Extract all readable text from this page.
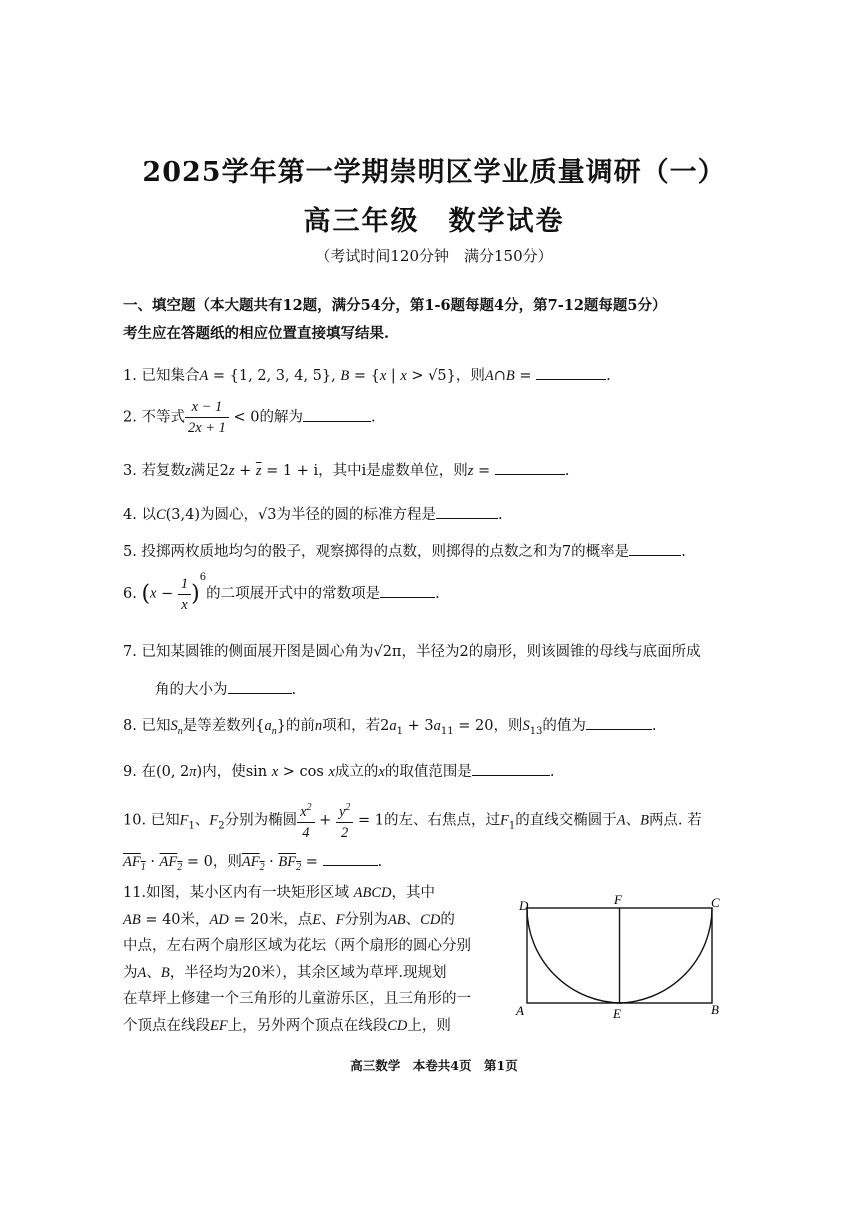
2025学年第一学期崇明区学业质量调研（一）
高三年级　数学试卷
（考试时间120分钟　满分150分）
一、填空题（本大题共有12题，满分54分，第1-6题每题4分，第7-12题每题5分）
考生应在答题纸的相应位置直接填写结果.
1. 已知集合A = {1, 2, 3, 4, 5}, B = {x | x > √5}，则A∩B =	.
2. 不等式 $\frac{x - 1}{2x + 1} < 0$的解为	.
3. 若复数z满足$2z + \overline{z} = 1 + i$，其中i是虚数单位，则z =	.
4. 以C(3,4)为圆心，√3为半径的圆的标准方程是	.
5. 投掷两枚质地均匀的骰子，观察掷得的点数，则掷得的点数之和为7的概率是	.
6. $(x - \frac{1}{x} )^6$的二项展开式中的常数项是	.
7. 已知某圆锥的侧面展开图是圆心角为√2π，半径为2的扇形，则该圆锥的母线与底面所成
角的大小为	.
8. 已知$S_n$是等差数列$\{a_n\}$的前n项和，若$2a_1 + 3a_{11} = 20$，则$S_{13}$的值为	.
9. 在(0, 2π)内，使sin x > cos x成立的x的取值范围是	.
10. 已知$F_1$、$F_2$分别为椭圆 $\frac{x^2}{4} + \frac{y^2}{2} = 1$的左、右焦点，过$F_1$的直线交椭圆于A、B两点. 若
$AF_1 \cdot AF_2 = 0$，则$AF_2 \cdot BF_2$ =	.
11.如图，某小区内有一块矩形区域 ABCD，其中
AB = 40米，AD = 20米，点E、F分别为AB、CD的
中点，左右两个扇形区域为花坛（两个扇形的圆心分别
为A、B，半径均为20米），其余区域为草坪.现规划
在草坪上修建一个三角形的儿童游乐区，且三角形的一
个顶点在线段EF上，另外两个顶点在线段CD上，则
D	F	C
A	E	B
高三数学　本卷共4页　第1页
